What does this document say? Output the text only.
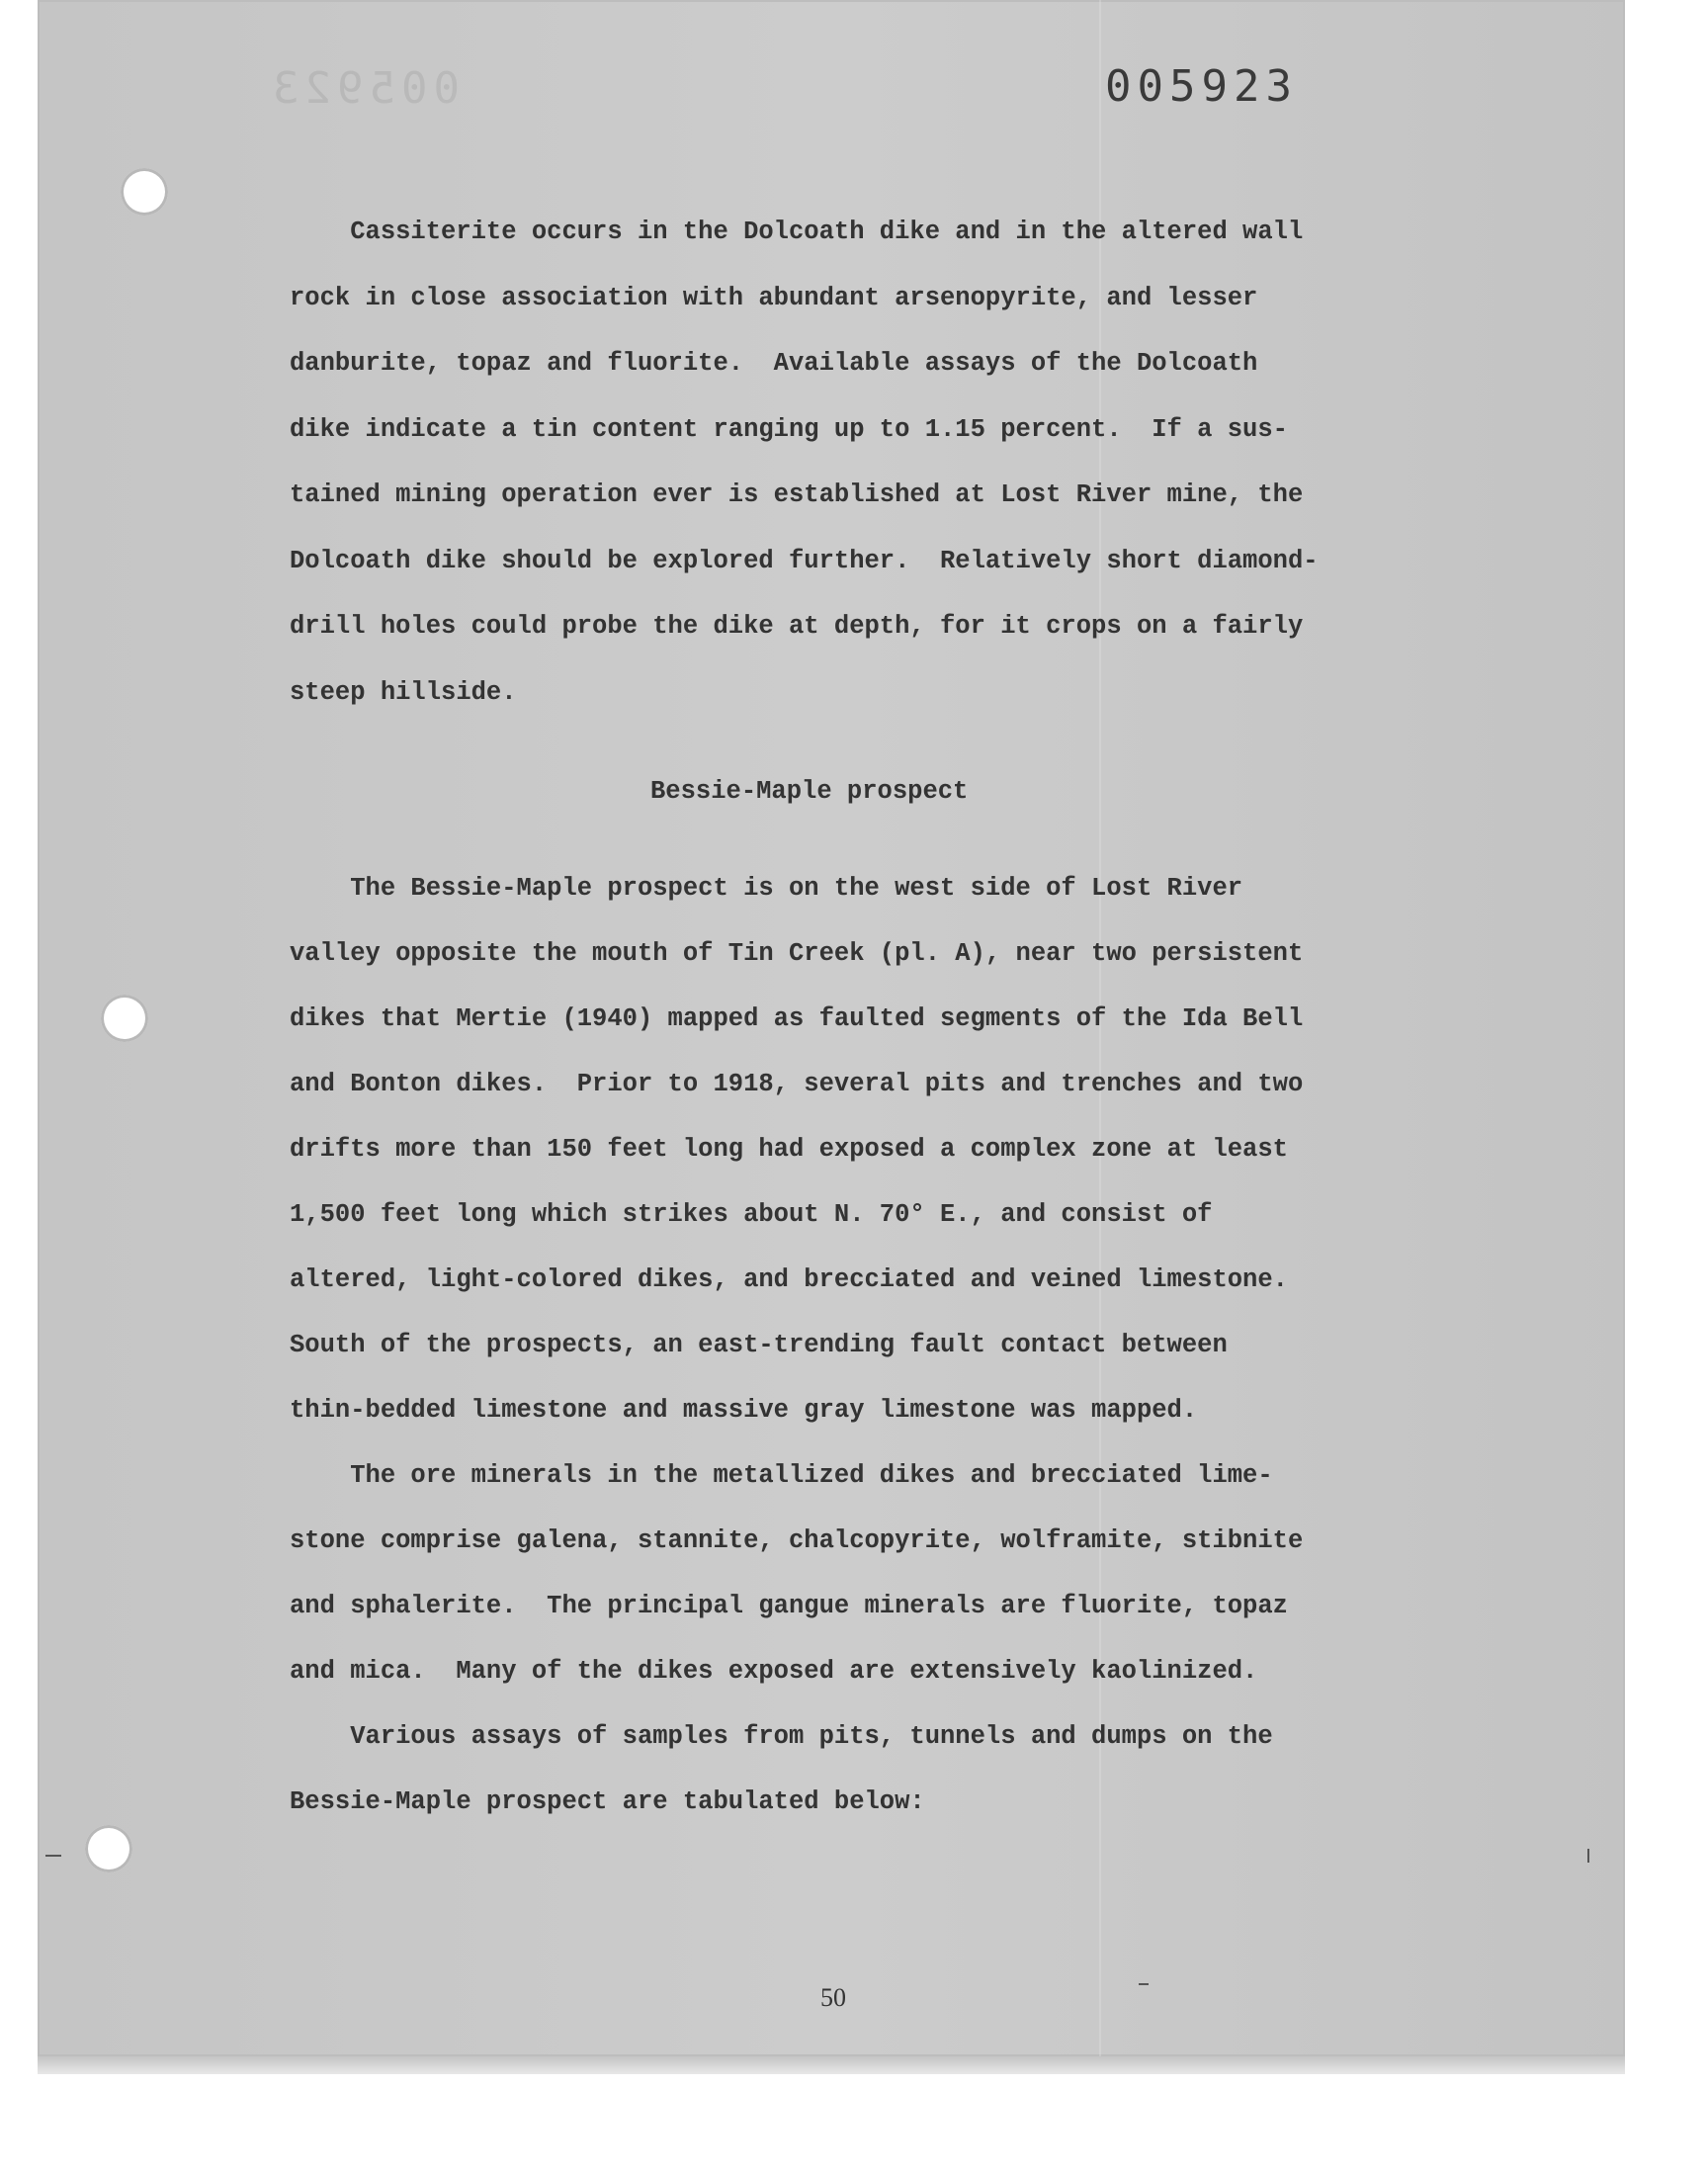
005923	005923
Cassiterite occurs in the Dolcoath dike and in the altered wall
rock in close association with abundant arsenopyrite, and lesser
danburite, topaz and fluorite.  Available assays of the Dolcoath
dike indicate a tin content ranging up to 1.15 percent.  If a sus-
tained mining operation ever is established at Lost River mine, the
Dolcoath dike should be explored further.  Relatively short diamond-
drill holes could probe the dike at depth, for it crops on a fairly
steep hillside.
Bessie-Maple prospect
The Bessie-Maple prospect is on the west side of Lost River
valley opposite the mouth of Tin Creek (pl. A), near two persistent
dikes that Mertie (1940) mapped as faulted segments of the Ida Bell
and Bonton dikes.  Prior to 1918, several pits and trenches and two
drifts more than 150 feet long had exposed a complex zone at least
1,500 feet long which strikes about N. 70° E., and consist of
altered, light-colored dikes, and brecciated and veined limestone.
South of the prospects, an east-trending fault contact between
thin-bedded limestone and massive gray limestone was mapped.
The ore minerals in the metallized dikes and brecciated lime-
stone comprise galena, stannite, chalcopyrite, wolframite, stibnite
and sphalerite.  The principal gangue minerals are fluorite, topaz
and mica.  Many of the dikes exposed are extensively kaolinized.
Various assays of samples from pits, tunnels and dumps on the
Bessie-Maple prospect are tabulated below:
50
